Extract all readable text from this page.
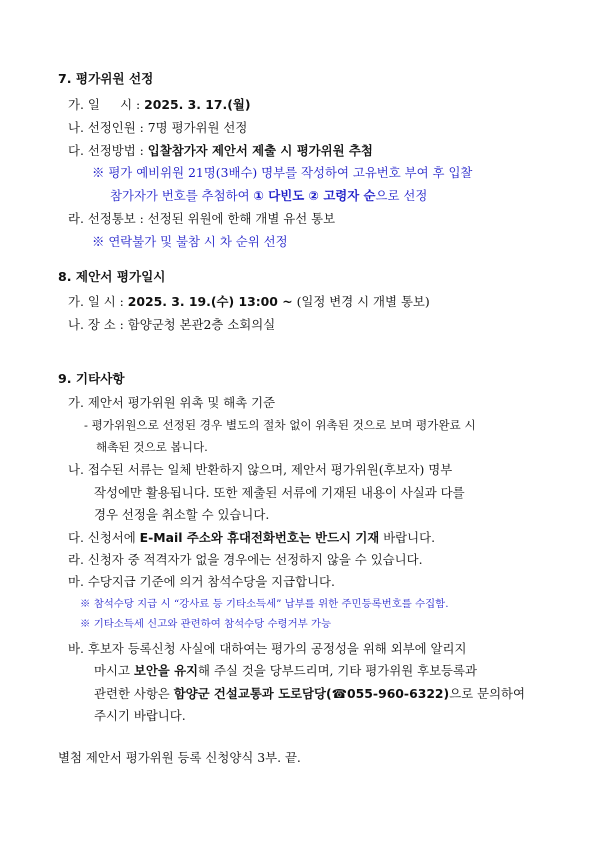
7. 평가위원 선정
가. 일 　 시 : 2025. 3. 17.(월)
나. 선정인원 : 7명 평가위원 선정
다. 선정방법 : 입찰참가자 제안서 제출 시 평가위원 추첨
※ 평가 예비위원 21명(3배수) 명부를 작성하여 고유번호 부여 후 입찰
참가자가 번호를 추첨하여 ① 다빈도 ② 고령자 순으로 선정
라. 선정통보 : 선정된 위원에 한해 개별 유선 통보
※ 연락불가 및 불참 시 차 순위 선정
8. 제안서 평가일시
가. 일 시 : 2025. 3. 19.(수) 13:00 ~ (일정 변경 시 개별 통보)
나. 장 소 : 함양군청 본관2층 소회의실
9. 기타사항
가. 제안서 평가위원 위촉 및 해촉 기준
- 평가위원으로 선정된 경우 별도의 절차 없이 위촉된 것으로 보며 평가완료 시
해촉된 것으로 봅니다.
나. 접수된 서류는 일체 반환하지 않으며, 제안서 평가위원(후보자) 명부
작성에만 활용됩니다. 또한 제출된 서류에 기재된 내용이 사실과 다를
경우 선정을 취소할 수 있습니다.
다. 신청서에 E-Mail 주소와 휴대전화번호는 반드시 기재 바랍니다.
라. 신청자 중 적격자가 없을 경우에는 선정하지 않을 수 있습니다.
마. 수당지급 기준에 의거 참석수당을 지급합니다.
※ 참석수당 지급 시 “강사료 등 기타소득세” 납부를 위한 주민등록번호를 수집함.
※ 기타소득세 신고와 관련하여 참석수당 수령거부 가능
바. 후보자 등록신청 사실에 대하여는 평가의 공정성을 위해 외부에 알리지
마시고 보안을 유지해 주실 것을 당부드리며, 기타 평가위원 후보등록과
관련한 사항은 함양군 건설교통과 도로담당(☎055-960-6322)으로 문의하여
주시기 바랍니다.
별첨 제안서 평가위원 등록 신청양식 3부. 끝.
